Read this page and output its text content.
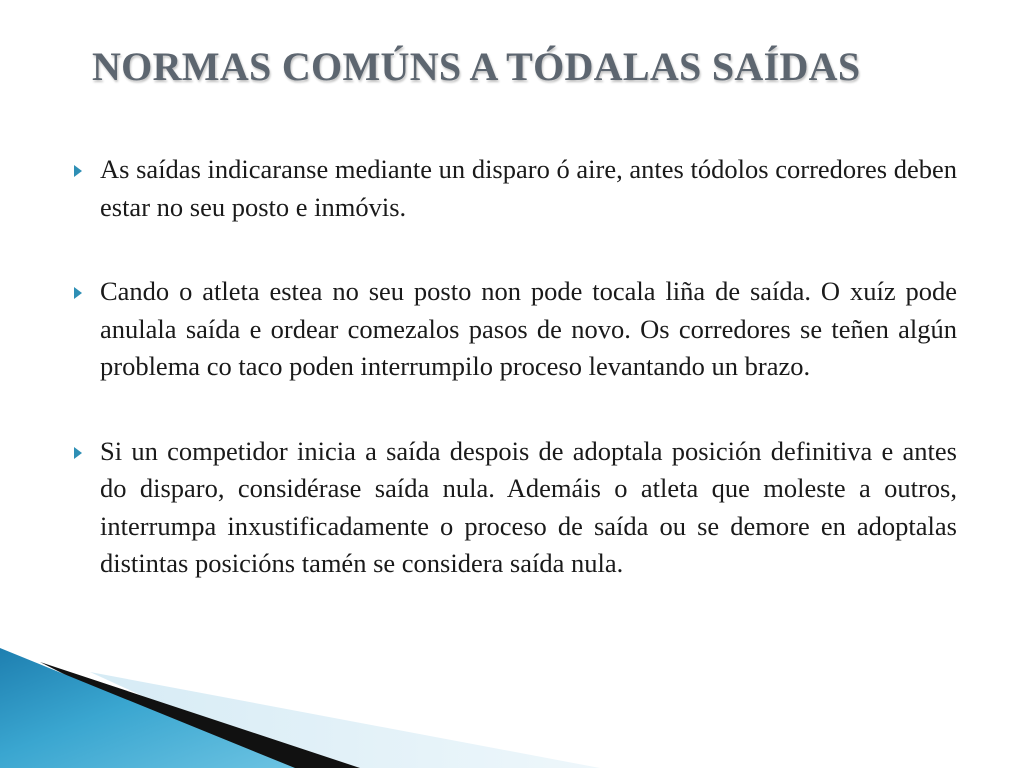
NORMAS COMÚNS A TÓDALAS SAÍDAS
As saídas indicaranse mediante un disparo ó aire, antes tódolos corredores deben estar no seu posto e inmóvis.
Cando o atleta estea no seu posto non pode tocala liña de saída. O xuíz pode anulala saída e ordear comezalos pasos de novo. Os corredores se teñen algún problema co taco poden interrumpilo proceso levantando un brazo.
Si un competidor inicia a saída despois de adoptala posición definitiva e antes do disparo, considérase saída nula. Ademáis o atleta que moleste a outros, interrumpa inxustificadamente o proceso de saída ou se demore en adoptalas distintas posicións tamén se considera saída nula.
